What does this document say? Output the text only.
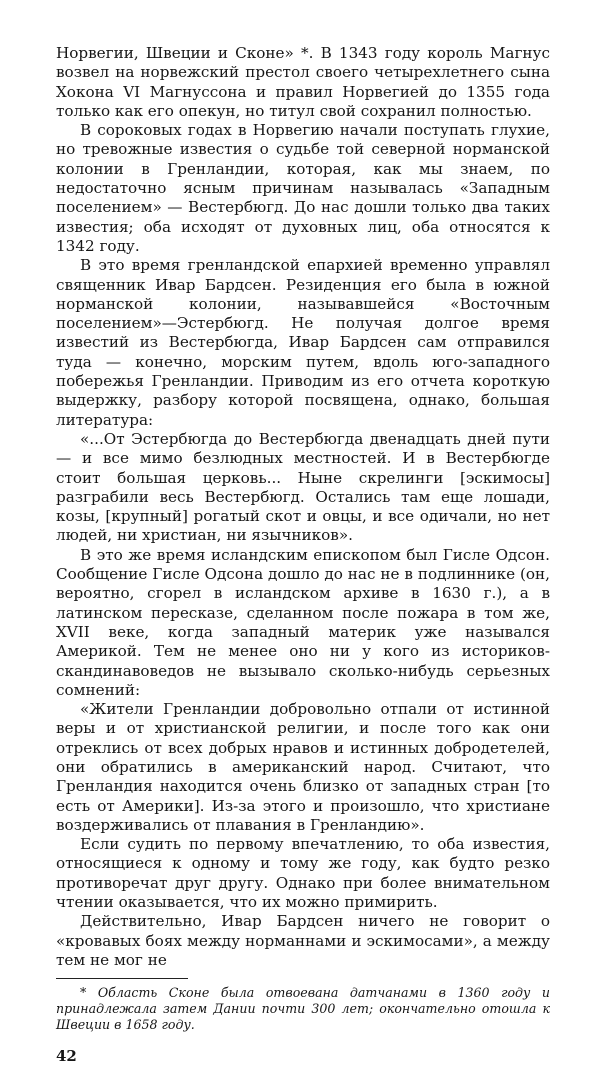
Норвегии, Швеции и Сконе» *. В 1343 году король Магнус возвел на норвежский престол своего четырехлетнего сына Хокона VI Магнуссона и правил Норвегией до 1355 года только как его опекун, но титул свой сохранил полностью.

В сороковых годах в Норвегию начали поступать глухие, но тревожные известия о судьбе той северной норманской колонии в Гренландии, которая, как мы знаем, по недостаточно ясным причинам называлась «Западным поселением» — Вестербюгд. До нас дошли только два таких известия; оба исходят от духовных лиц, оба относятся к 1342 году.

В это время гренландской епархией временно управлял священник Ивар Бардсен. Резиденция его была в южной норманской колонии, называвшейся «Восточным поселением»—Эстербюгд. Не получая долгое время известий из Вестербюгда, Ивар Бардсен сам отправился туда — конечно, морским путем, вдоль юго-западного побережья Гренландии. Приводим из его отчета короткую выдержку, разбору которой посвящена, однако, большая литература:

«...От Эстербюгда до Вестербюгда двенадцать дней пути — и все мимо безлюдных местностей. И в Вестербюгде стоит большая церковь... Ныне скрелинги [эскимосы] разграбили весь Вестербюгд. Остались там еще лошади, козы, [крупный] рогатый скот и овцы, и все одичали, но нет людей, ни христиан, ни язычников».

В это же время исландским епископом был Гисле Одсон. Сообщение Гисле Одсона дошло до нас не в подлиннике (он, вероятно, сгорел в исландском архиве в 1630 г.), а в латинском пересказе, сделанном после пожара в том же, XVII веке, когда западный материк уже назывался Америкой. Тем не менее оно ни у кого из историков-скандинавоведов не вызывало сколько-нибудь серьезных сомнений:

«Жители Гренландии добровольно отпали от истинной веры и от христианской религии, и после того как они отреклись от всех добрых нравов и истинных добродетелей, они обратились в американский народ. Считают, что Гренландия находится очень близко от западных стран [то есть от Америки]. Из-за этого и произошло, что христиане воздерживались от плавания в Гренландию».

Если судить по первому впечатлению, то оба известия, относящиеся к одному и тому же году, как будто резко противоречат друг другу. Однако при более внимательном чтении оказывается, что их можно примирить.

Действительно, Ивар Бардсен ничего не говорит о «кровавых боях между норманнами и эскимосами», а между тем не мог не

* Область Сконе была отвоевана датчанами в 1360 году и принадлежала затем Дании почти 300 лет; окончательно отошла к Швеции в 1658 году.

42
